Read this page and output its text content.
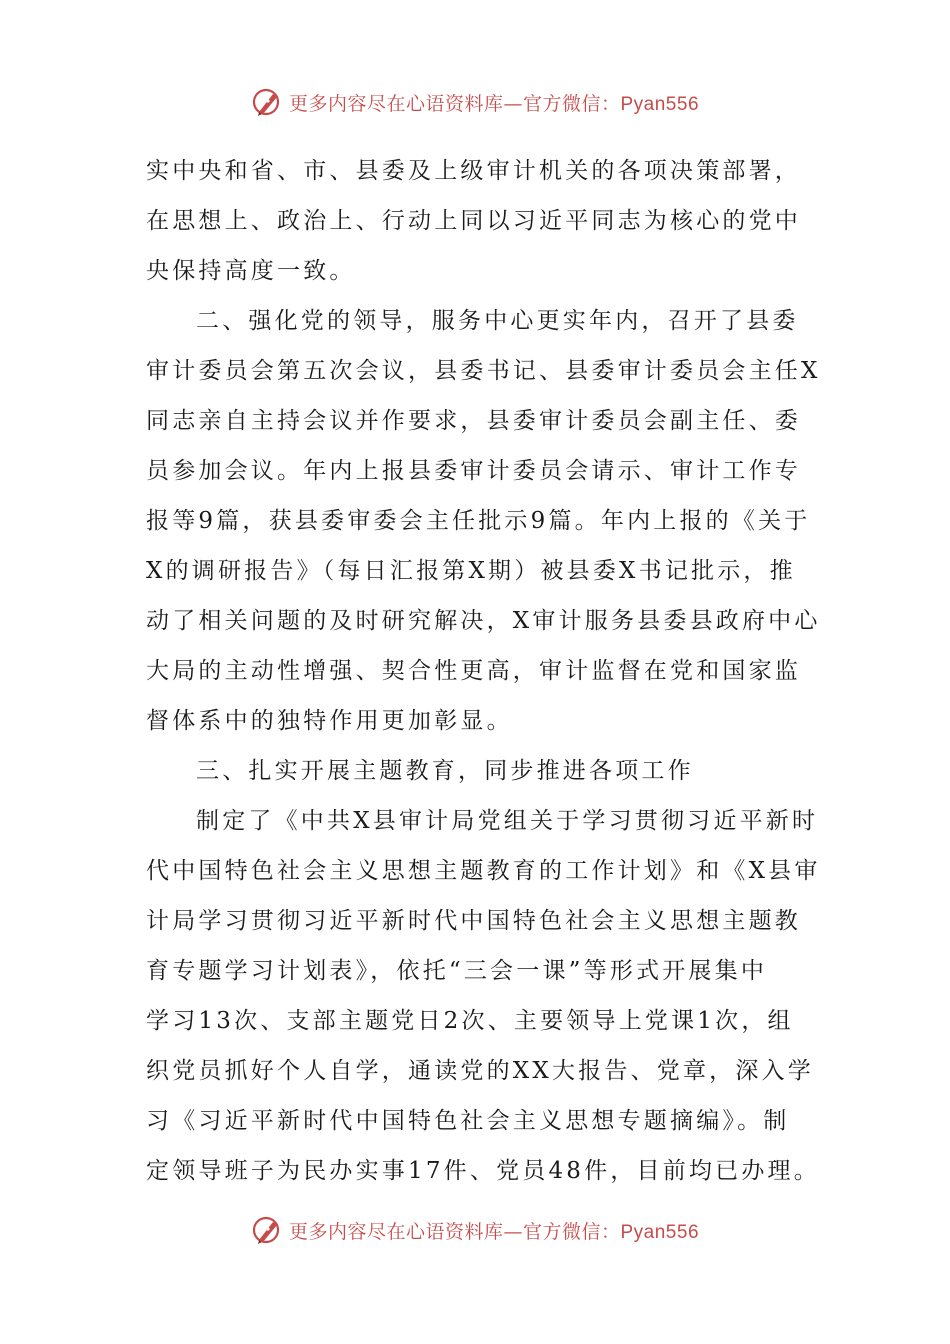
更多内容尽在心语资料库—官方微信：Pyan556
实中央和省、市、县委及上级审计机关的各项决策部署，
在思想上、政治上、行动上同以习近平同志为核心的党中
央保持高度一致。
二、强化党的领导，服务中心更实年内，召开了县委
审计委员会第五次会议，县委书记、县委审计委员会主任X
同志亲自主持会议并作要求，县委审计委员会副主任、委
员参加会议。年内上报县委审计委员会请示、审计工作专
报等9篇，获县委审委会主任批示9篇。年内上报的《关于
X的调研报告》（每日汇报第X期）被县委X书记批示，推
动了相关问题的及时研究解决，X审计服务县委县政府中心
大局的主动性增强、契合性更高，审计监督在党和国家监
督体系中的独特作用更加彰显。
三、扎实开展主题教育，同步推进各项工作
制定了《中共X县审计局党组关于学习贯彻习近平新时
代中国特色社会主义思想主题教育的工作计划》和《X县审
计局学习贯彻习近平新时代中国特色社会主义思想主题教
育专题学习计划表》，依托“三会一课”等形式开展集中
学习13次、支部主题党日2次、主要领导上党课1次，组
织党员抓好个人自学，通读党的XX大报告、党章，深入学
习《习近平新时代中国特色社会主义思想专题摘编》。制
定领导班子为民办实事17件、党员48件，目前均已办理。
更多内容尽在心语资料库—官方微信：Pyan556
